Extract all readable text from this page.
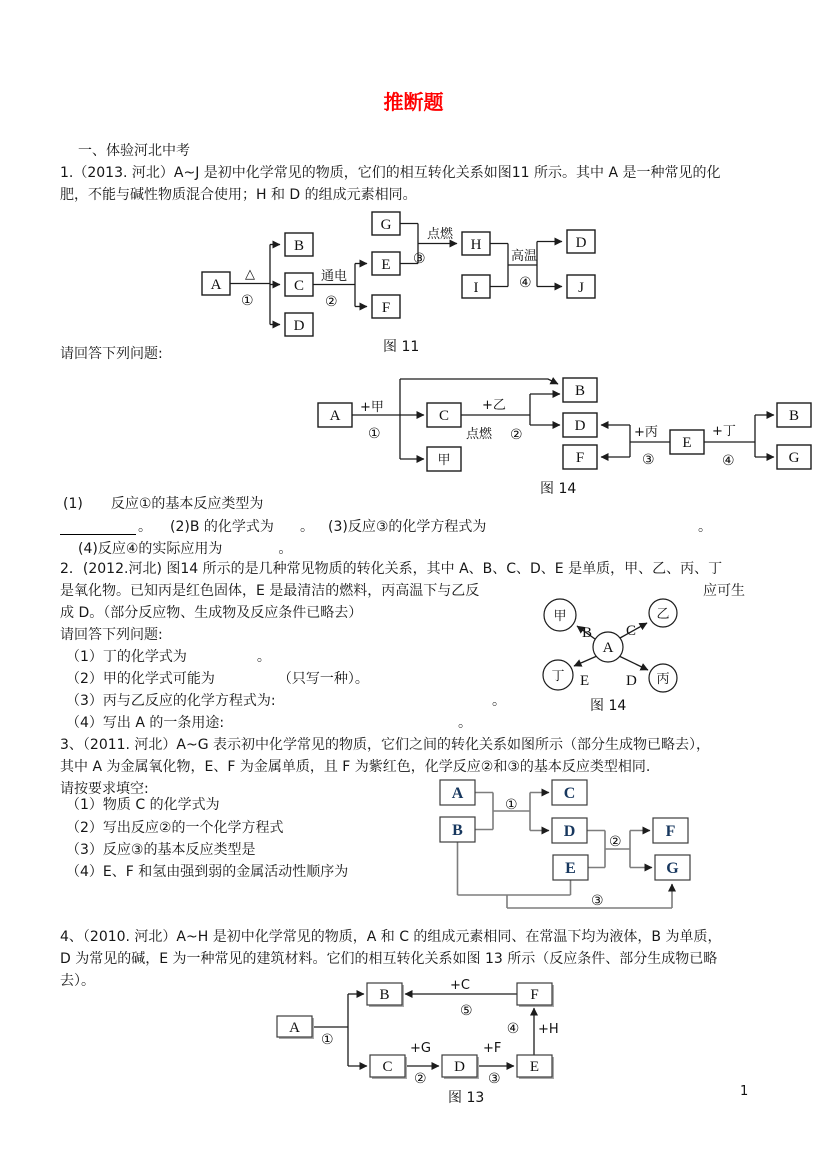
推断题
一、体验河北中考
1.（2013. 河北）A~J 是初中化学常见的物质，它们的相互转化关系如图11 所示。其中 A 是一种常见的化
肥，不能与碱性物质混合使用；H 和 D 的组成元素相同。
A
B
C
D
G
E
F
H
I
D
J
△
①
通电
②
点燃
③	高温
④
图 11
请回答下列问题:
A	C
甲
B
D
F
E
B
G
+甲
①
+乙
点燃 ②	+丙
③
+丁
④
图 14
(1)　　反应①的基本反应类型为
。 (2)B 的化学式为 。 (3)反应③的化学方程式为	。
(4)反应④的实际应用为　　　　。
2．(2012.河北) 图14 所示的是几种常见物质的转化关系，其中 A、B、C、D、E 是单质，甲、乙、丙、丁
是氧化物。已知丙是红色固体，E 是最清洁的燃料，丙高温下与乙反	应可生
成 D。（部分反应物、生成物及反应条件已略去）
请回答下列问题:
（1）丁的化学式为　　　　　。
（2）甲的化学式可能为　　　　　（只写一种）。
（3）丙与乙反应的化学方程式为:	。
（4）写出 A 的一条用途:	。
甲	乙
A
丁	丙
B C
E D
图 14
3、（2011. 河北）A~G 表示初中化学常见的物质，它们之间的转化关系如图所示（部分生成物已略去），
其中 A 为金属氧化物，E、F 为金属单质，且 F 为紫红色，化学反应②和③的基本反应类型相同.
请按要求填空:
（1）物质 C 的化学式为
（2）写出反应②的一个化学方程式
（3）反应③的基本反应类型是
（4）E、F 和氢由强到弱的金属活动性顺序为
A
B
C
D
E
F
G
①
②
③
4、（2010. 河北）A~H 是初中化学常见的物质，A 和 C 的组成元素相同、在常温下均为液体，B 为单质，
D 为常见的碱，E 为一种常见的建筑材料。它们的相互转化关系如图 13 所示（反应条件、部分生成物已略
去）。
A
B
C	D	E
F
①
+G
②
+F
③
④ +H
+C
⑤
图 13	1
